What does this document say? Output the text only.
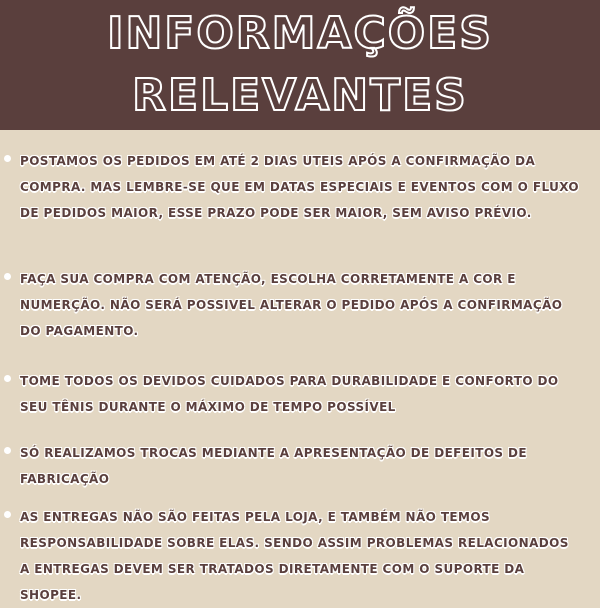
INFORMAÇÕES
RELEVANTES
POSTAMOS OS PEDIDOS EM ATÉ 2 DIAS UTEIS APÓS A CONFIRMAÇÃO DA COMPRA. MAS LEMBRE-SE QUE EM DATAS ESPECIAIS E EVENTOS COM O FLUXO DE PEDIDOS MAIOR, ESSE PRAZO PODE SER MAIOR, SEM AVISO PRÉVIO.
FAÇA SUA COMPRA COM ATENÇÃO, ESCOLHA CORRETAMENTE A COR E NUMERÇÃO. NÃO SERÁ POSSIVEL ALTERAR O PEDIDO APÓS A CONFIRMAÇÃO DO PAGAMENTO.
TOME TODOS OS DEVIDOS CUIDADOS PARA DURABILIDADE E CONFORTO DO SEU TÊNIS DURANTE O MÁXIMO DE TEMPO POSSÍVEL
SÓ REALIZAMOS TROCAS MEDIANTE A APRESENTAÇÃO DE DEFEITOS DE FABRICAÇÃO
AS ENTREGAS NÃO SÃO FEITAS PELA LOJA, E TAMBÉM NÃO TEMOS RESPONSABILIDADE SOBRE ELAS. SENDO ASSIM PROBLEMAS RELACIONADOS A ENTREGAS DEVEM SER TRATADOS DIRETAMENTE COM O SUPORTE DA SHOPEE.
